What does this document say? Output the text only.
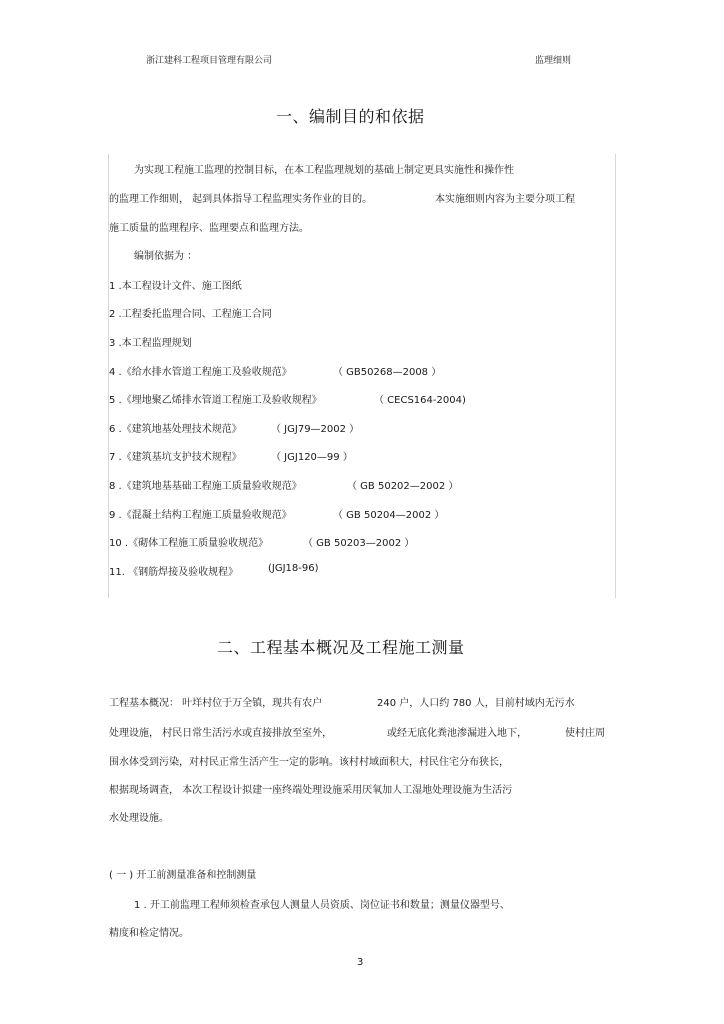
浙江建科工程项目管理有限公司	监理细则
一、编制目的和依据
为实现工程施工监理的控制目标，在本工程监理规划的基础上制定更具实施性和操作性
的监理工作细则， 起到具体指导工程监理实务作业的目的。	本实施细则内容为主要分项工程
施工质量的监理程序、监理要点和监理方法。
编制依据为 ：
1 .本工程设计文件、施工图纸
2 .工程委托监理合同、工程施工合同
3 .本工程监理规划
4 .《给水排水管道工程施工及验收规范》	（ GB50268—2008 ）
5 .《埋地聚乙烯排水管道工程施工及验收规程》	（ CECS164-2004)
6 .《建筑地基处理技术规范》	（ JGJ79—2002 ）
7 .《建筑基坑支护技术规程》	（ JGJ120—99 ）
8 .《建筑地基基础工程施工质量验收规范》	（ GB 50202—2002 ）
9 .《混凝土结构工程施工质量验收规范》	（ GB 50204—2002 ）
10 .《砌体工程施工质量验收规范》	（ GB 50203—2002 ）
11. 《钢筋焊接及验收规程》	(JGJ18-96)
二、工程基本概况及工程施工测量
工程基本概况： 叶垟村位于万全镇，现共有农户	240 户，人口约 780 人，目前村域内无污水
处理设施， 村民日常生活污水或直接排放至室外，	或经无底化粪池渗漏进入地下，	使村庄周
围水体受到污染，对村民正常生活产生一定的影响。该村村域面积大，村民住宅分布狭长，
根据现场调查， 本次工程设计拟建一座终端处理设施采用厌氧加人工湿地处理设施为生活污
水处理设施。
( 一 ) 开工前测量准备和控制测量
1 . 开工前监理工程师须检查承包人测量人员资质、岗位证书和数量；测量仪器型号、
精度和检定情况。
3
